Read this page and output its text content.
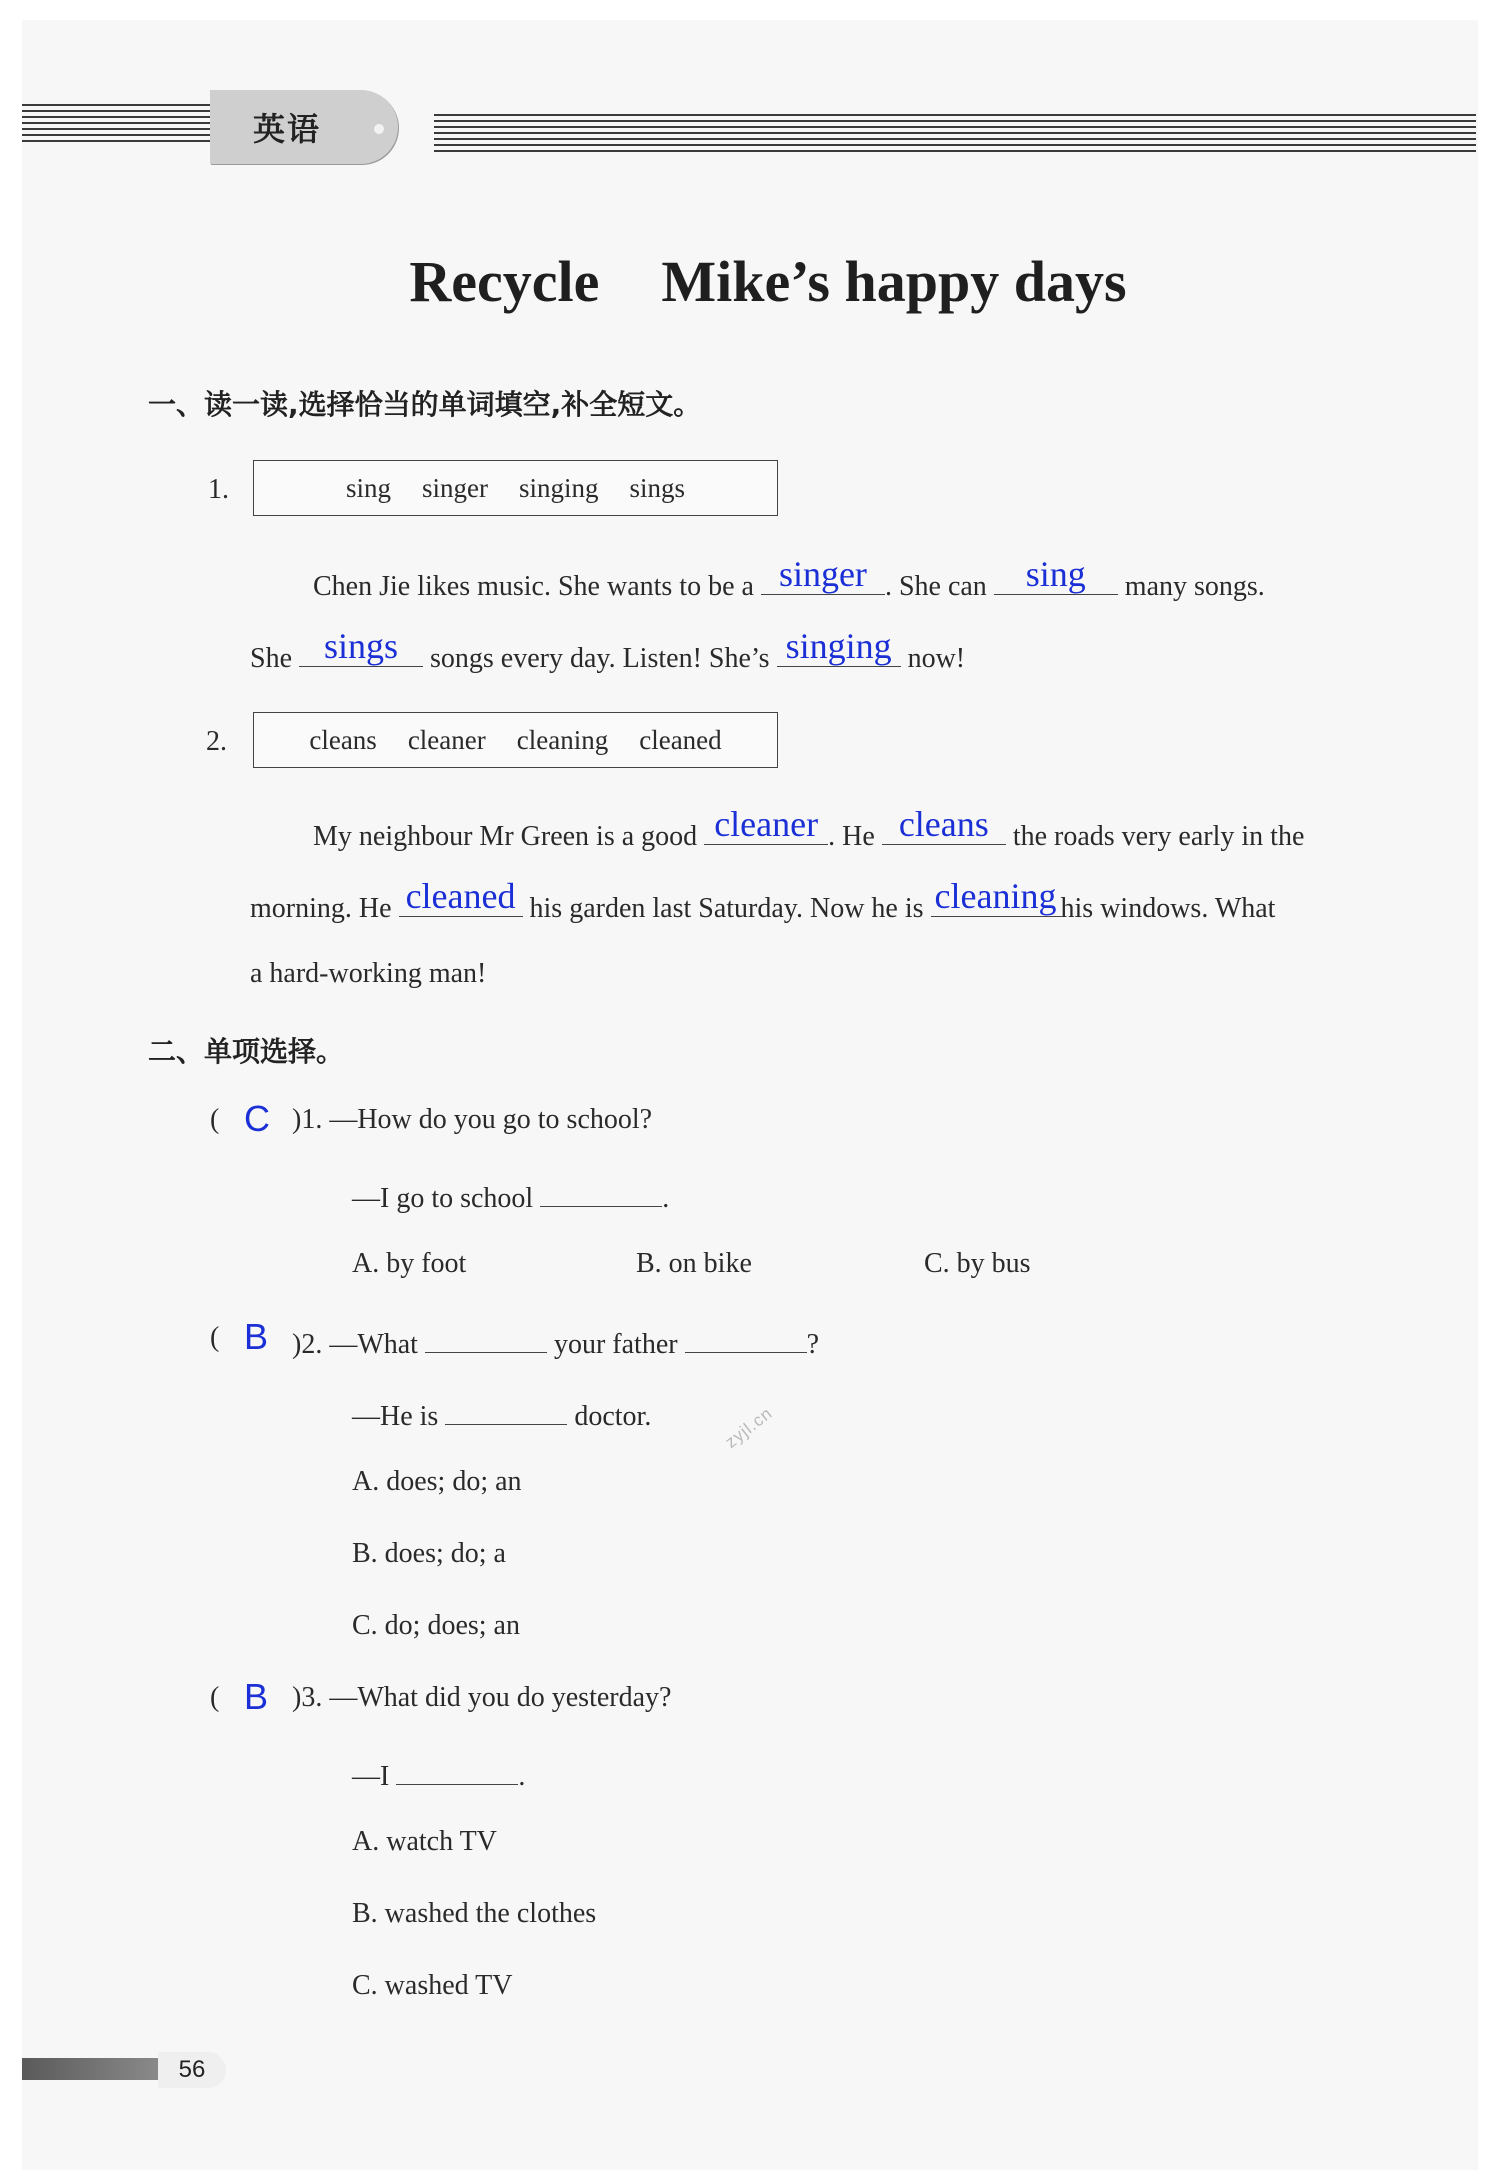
英语
Recycle Mike’s happy days
一、读一读,选择恰当的单词填空,补全短文。
1.	sing singer singing sings
Chen Jie likes music. She wants to be a singer . She can	sing	many songs.
She sings	songs every day. Listen! She’s singing now!
2.	cleans cleaner cleaning cleaned
My neighbour Mr Green is a good cleaner . He cleans the roads very early in the
morning. He cleaned his garden last Saturday. Now he is cleaning his windows. What
a hard-working man!
二、单项选择。
( C )1. —How do you go to school?
—I go to school	.
A. by foot	B. on bike	C. by bus
( B )2. —What	your father	?
—He is	doctor.
A. does; do; an
B. does; do; a
C. do; does; an
( B )3. —What did you do yesterday?
—I	.
A. watch TV
B. washed the clothes
C. washed TV
zyjl.cn
56
